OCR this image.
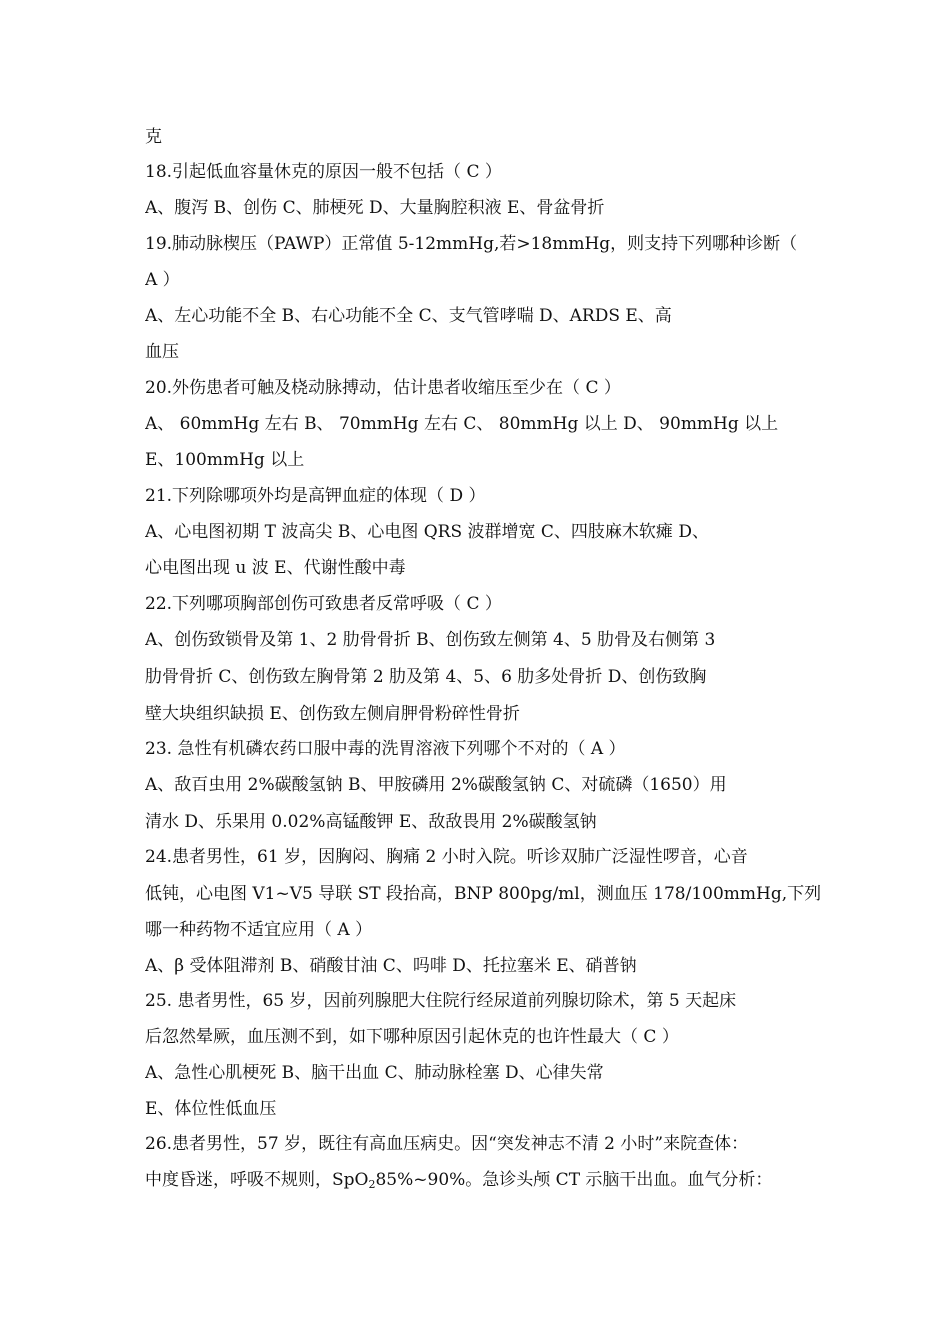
克
18.引起低血容量休克的原因一般不包括（ C ）
A、腹泻 B、创伤 C、肺梗死 D、大量胸腔积液 E、骨盆骨折
19.肺动脉楔压（PAWP）正常值 5-12mmHg,若>18mmHg，则支持下列哪种诊断（
A ）
A、左心功能不全 B、右心功能不全 C、支气管哮喘 D、ARDS E、高
血压
20.外伤患者可触及桡动脉搏动，估计患者收缩压至少在（ C ）
A、 60mmHg 左右 B、 70mmHg 左右 C、 80mmHg 以上 D、 90mmHg 以上
E、100mmHg 以上
21.下列除哪项外均是高钾血症的体现（ D ）
A、心电图初期 T 波高尖 B、心电图 QRS 波群增宽 C、四肢麻木软瘫 D、
心电图出现 u 波 E、代谢性酸中毒
22.下列哪项胸部创伤可致患者反常呼吸（ C ）
A、创伤致锁骨及第 1、2 肋骨骨折 B、创伤致左侧第 4、5 肋骨及右侧第 3
肋骨骨折 C、创伤致左胸骨第 2 肋及第 4、5、6 肋多处骨折 D、创伤致胸
壁大块组织缺损 E、创伤致左侧肩胛骨粉碎性骨折
23. 急性有机磷农药口服中毒的洗胃溶液下列哪个不对的（ A ）
A、敌百虫用 2%碳酸氢钠 B、甲胺磷用 2%碳酸氢钠 C、对硫磷（1650）用
清水 D、乐果用 0.02%高锰酸钾 E、敌敌畏用 2%碳酸氢钠
24.患者男性，61 岁，因胸闷、胸痛 2 小时入院。听诊双肺广泛湿性啰音，心音
低钝，心电图 V1~V5 导联 ST 段抬高，BNP 800pg/ml，测血压 178/100mmHg,下列
哪一种药物不适宜应用（ A ）
A、β 受体阻滞剂 B、硝酸甘油 C、吗啡 D、托拉塞米 E、硝普钠
25. 患者男性，65 岁，因前列腺肥大住院行经尿道前列腺切除术，第 5 天起床
后忽然晕厥，血压测不到，如下哪种原因引起休克的也许性最大（ C ）
A、急性心肌梗死 B、脑干出血 C、肺动脉栓塞 D、心律失常
E、体位性低血压
26.患者男性，57 岁，既往有高血压病史。因“突发神志不清 2 小时”来院查体：
中度昏迷，呼吸不规则，SpO$_2$85%~90%。急诊头颅 CT 示脑干出血。血气分析：
